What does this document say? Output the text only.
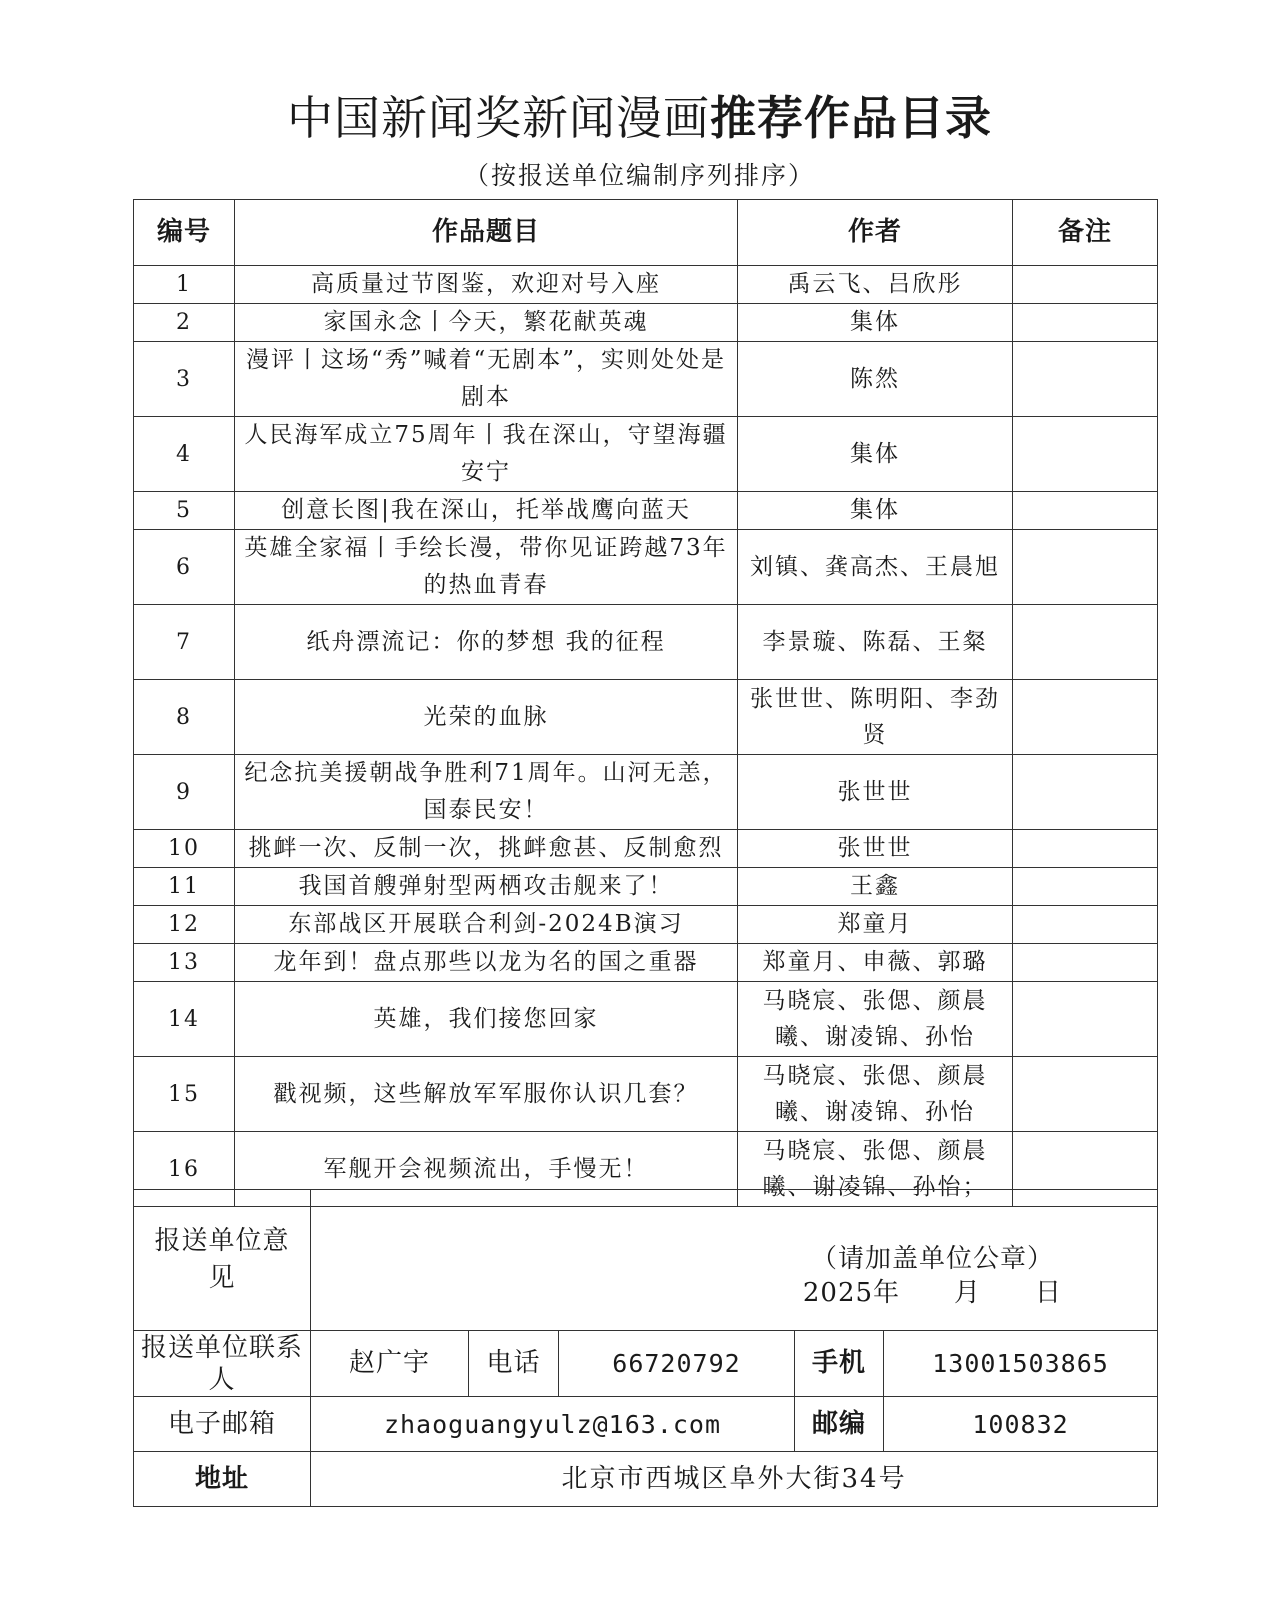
中国新闻奖新闻漫画推荐作品目录
（按报送单位编制序列排序）
编号	作品题目	作者	备注
1	高质量过节图鉴，欢迎对号入座	禹云飞、吕欣彤	
2	家国永念丨今天，繁花献英魂	集体	
3	漫评丨这场“秀”喊着“无剧本”，实则处处是剧本	陈然	
4	人民海军成立75周年丨我在深山，守望海疆安宁	集体	
5	创意长图|我在深山，托举战鹰向蓝天	集体	
6	英雄全家福丨手绘长漫，带你见证跨越73年的热血青春	刘镇、龚高杰、王晨旭	
7	纸舟漂流记：你的梦想 我的征程	李景璇、陈磊、王粲	
8	光荣的血脉	张世世、陈明阳、李劲贤	
9	纪念抗美援朝战争胜利71周年。山河无恙，国泰民安！	张世世	
10	挑衅一次、反制一次，挑衅愈甚、反制愈烈	张世世	
11	我国首艘弹射型两栖攻击舰来了！	王鑫	
12	东部战区开展联合利剑-2024B演习	郑童月	
13	龙年到！盘点那些以龙为名的国之重器	郑童月、申薇、郭璐	
14	英雄，我们接您回家	马晓宸、张偲、颜晨曦、谢凌锦、孙怡	
15	戳视频，这些解放军军服你认识几套？	马晓宸、张偲、颜晨曦、谢凌锦、孙怡	
16	军舰开会视频流出，手慢无！	马晓宸、张偲、颜晨曦、谢凌锦、孙怡；	
报送单位意见	（请加盖单位公章）
2025年　　月　　日				

报送单位联系人	赵广宇	电话	66720792	手机	13001503865
电子邮箱	zhaoguangyulz@163.com			邮编	100832
地址	北京市西城区阜外大街34号				
